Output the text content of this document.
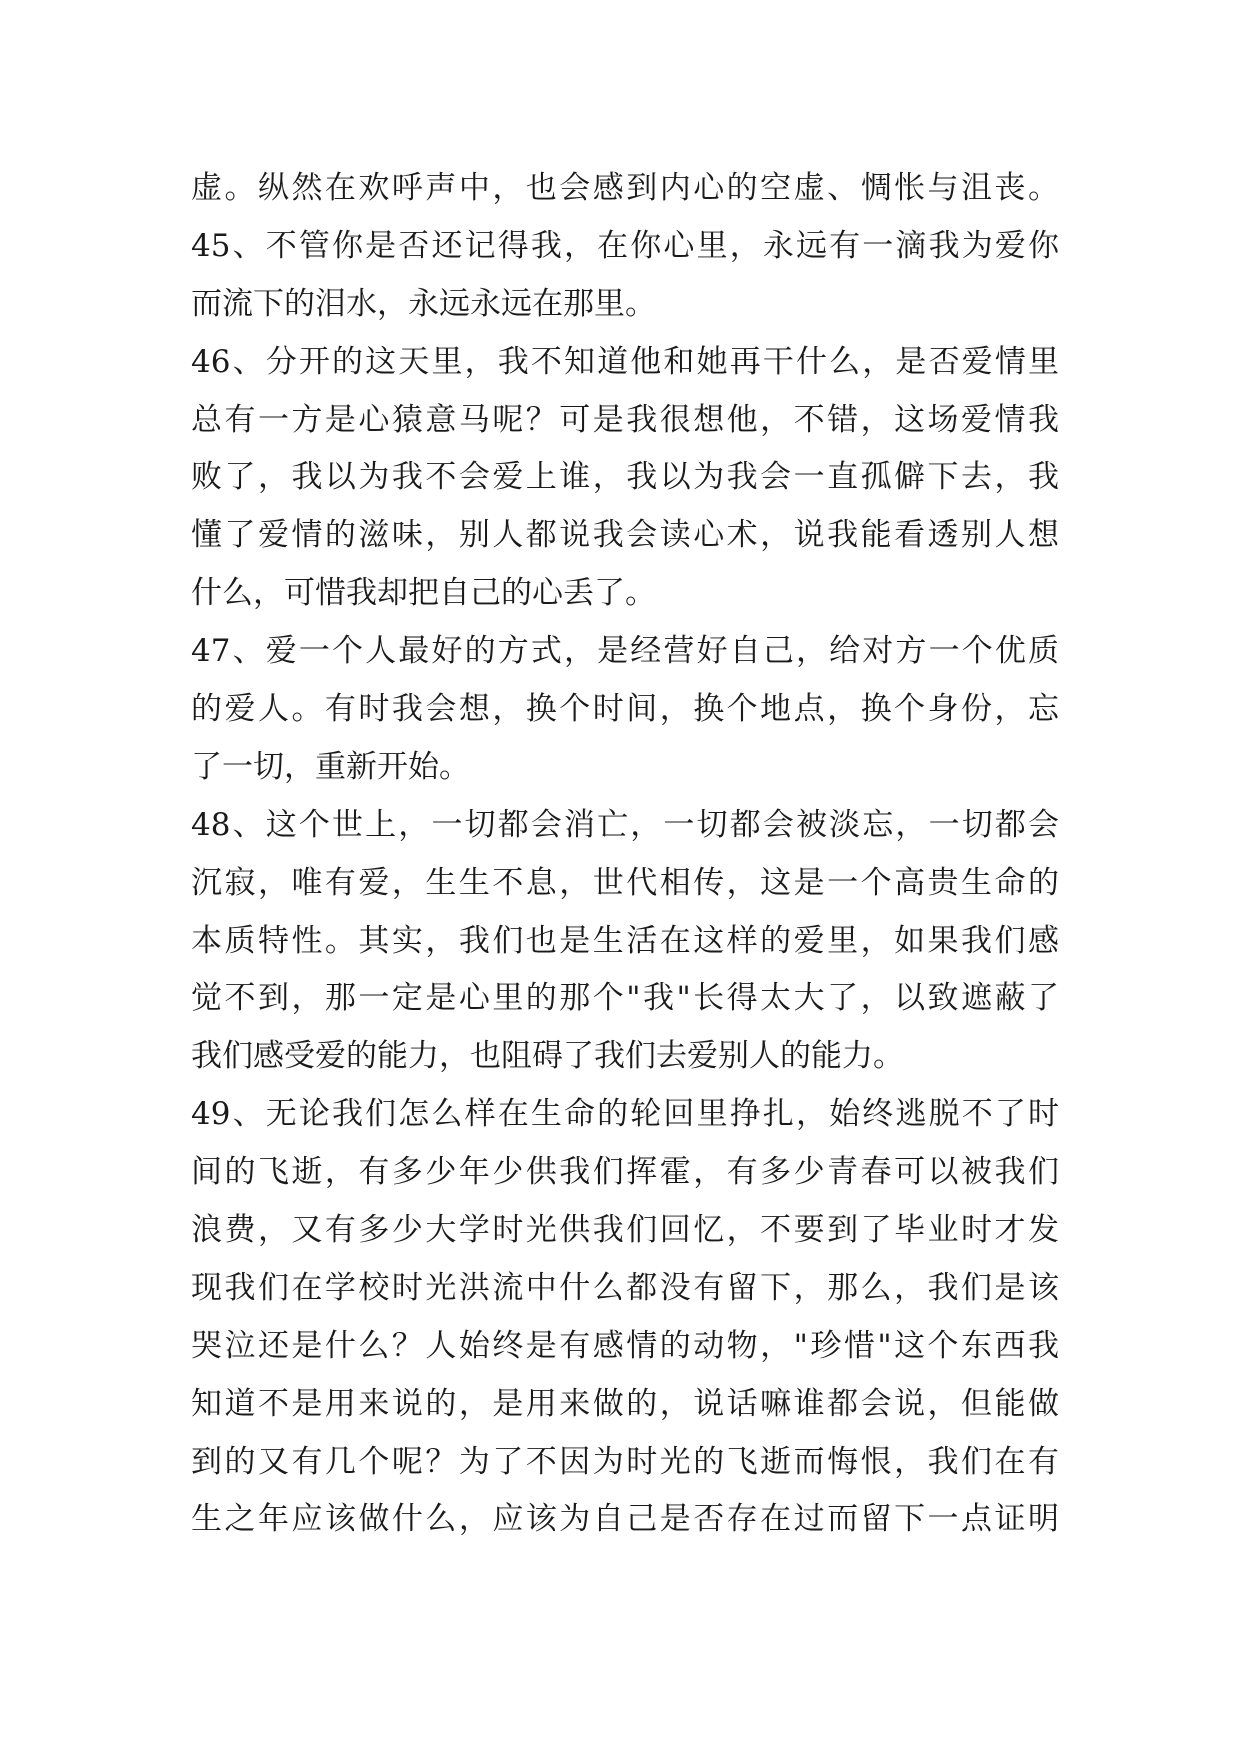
虚。纵然在欢呼声中，也会感到内心的空虚、惆怅与沮丧。
45、不管你是否还记得我，在你心里，永远有一滴我为爱你
而流下的泪水，永远永远在那里。
46、分开的这天里，我不知道他和她再干什么，是否爱情里
总有一方是心猿意马呢？可是我很想他，不错，这场爱情我
败了，我以为我不会爱上谁，我以为我会一直孤僻下去，我
懂了爱情的滋味，别人都说我会读心术，说我能看透别人想
什么，可惜我却把自己的心丢了。
47、爱一个人最好的方式，是经营好自己，给对方一个优质
的爱人。有时我会想，换个时间，换个地点，换个身份，忘
了一切，重新开始。
48、这个世上，一切都会消亡，一切都会被淡忘，一切都会
沉寂，唯有爱，生生不息，世代相传，这是一个高贵生命的
本质特性。其实，我们也是生活在这样的爱里，如果我们感
觉不到，那一定是心里的那个"我"长得太大了，以致遮蔽了
我们感受爱的能力，也阻碍了我们去爱别人的能力。
49、无论我们怎么样在生命的轮回里挣扎，始终逃脱不了时
间的飞逝，有多少年少供我们挥霍，有多少青春可以被我们
浪费，又有多少大学时光供我们回忆，不要到了毕业时才发
现我们在学校时光洪流中什么都没有留下，那么，我们是该
哭泣还是什么？人始终是有感情的动物，"珍惜"这个东西我
知道不是用来说的，是用来做的，说话嘛谁都会说，但能做
到的又有几个呢？为了不因为时光的飞逝而悔恨，我们在有
生之年应该做什么，应该为自己是否存在过而留下一点证明
